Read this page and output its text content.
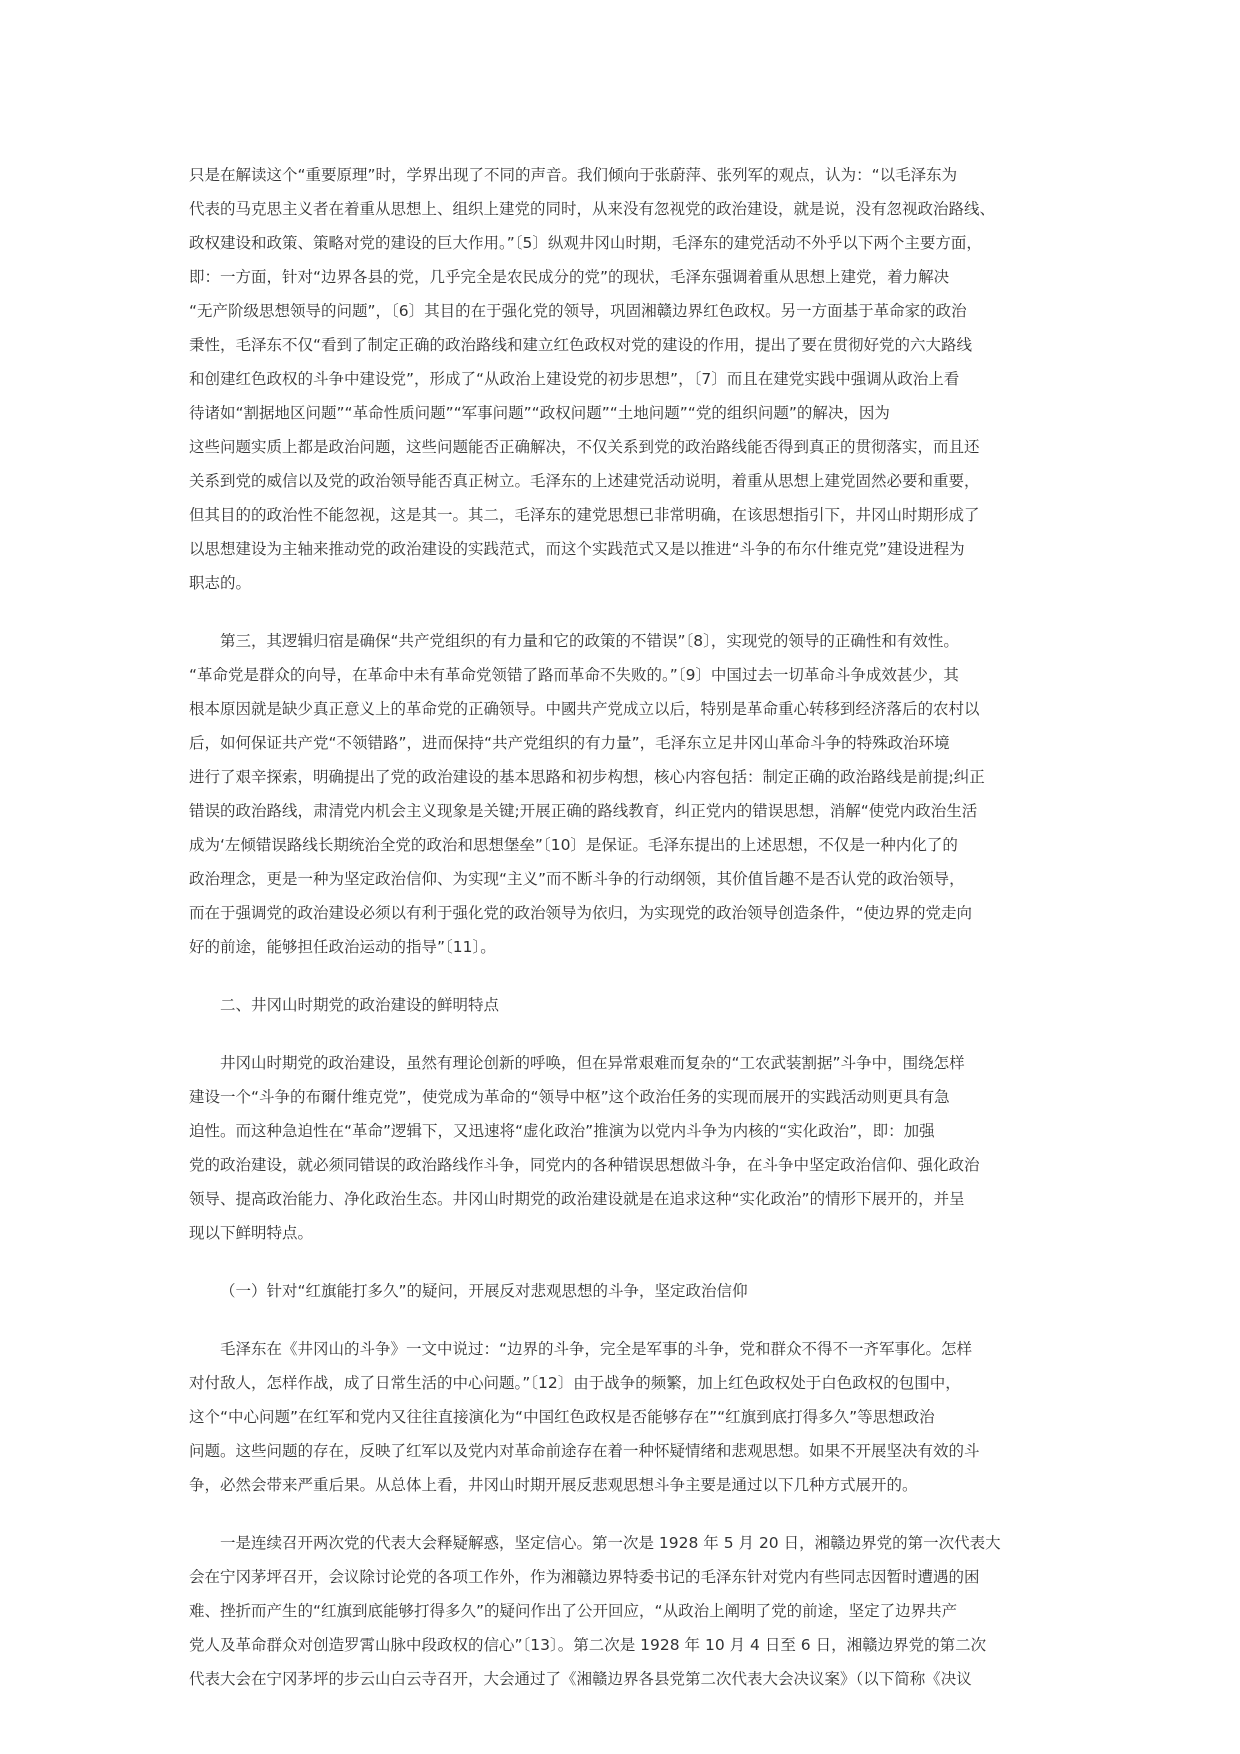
只是在解读这个“重要原理”时，学界出现了不同的声音。我们倾向于张蔚萍、张列军的观点，认为：“以毛泽东为
代表的马克思主义者在着重从思想上、组织上建党的同时，从来没有忽视党的政治建设，就是说，没有忽视政治路线、
政权建设和政策、策略对党的建设的巨大作用。”〔5〕纵观井冈山时期，毛泽东的建党活动不外乎以下两个主要方面，
即：一方面，针对“边界各县的党，几乎完全是农民成分的党”的现状，毛泽东强调着重从思想上建党，着力解决
“无产阶级思想领导的问题”，〔6〕其目的在于强化党的领导，巩固湘赣边界红色政权。另一方面基于革命家的政治
秉性，毛泽东不仅“看到了制定正确的政治路线和建立红色政权对党的建设的作用，提出了要在贯彻好党的六大路线
和创建红色政权的斗争中建设党”，形成了“从政治上建设党的初步思想”，〔7〕而且在建党实践中强调从政治上看
待诸如“割据地区问题”“革命性质问题”“军事问题”“政权问题”“土地问题”“党的组织问题”的解决，因为
这些问题实质上都是政治问题，这些问题能否正确解决，不仅关系到党的政治路线能否得到真正的贯彻落实，而且还
关系到党的威信以及党的政治领导能否真正树立。毛泽东的上述建党活动说明，着重从思想上建党固然必要和重要，
但其目的的政治性不能忽视，这是其一。其二，毛泽东的建党思想已非常明确，在该思想指引下，井冈山时期形成了
以思想建设为主轴来推动党的政治建设的实践范式，而这个实践范式又是以推进“斗争的布尔什维克党”建设进程为
职志的。

第三，其逻辑归宿是确保“共产党组织的有力量和它的政策的不错误”〔8〕，实现党的领导的正确性和有效性。
“革命党是群众的向导，在革命中未有革命党领错了路而革命不失败的。”〔9〕中国过去一切革命斗争成效甚少，其
根本原因就是缺少真正意义上的革命党的正确领导。中國共产党成立以后，特别是革命重心转移到经济落后的农村以
后，如何保证共产党“不领错路”，进而保持“共产党组织的有力量”，毛泽东立足井冈山革命斗争的特殊政治环境
进行了艰辛探索，明确提出了党的政治建设的基本思路和初步构想，核心内容包括：制定正确的政治路线是前提;纠正
错误的政治路线，肃清党内机会主义现象是关键;开展正确的路线教育，纠正党内的错误思想，消解“使党内政治生活
成为‘左倾错误路线长期统治全党的政治和思想堡垒”〔10〕是保证。毛泽东提出的上述思想，不仅是一种内化了的
政治理念，更是一种为坚定政治信仰、为实现“主义”而不断斗争的行动纲领，其价值旨趣不是否认党的政治领导，
而在于强调党的政治建设必须以有利于强化党的政治领导为依归，为实现党的政治领导创造条件，“使边界的党走向
好的前途，能够担任政治运动的指导”〔11〕。

二、井冈山时期党的政治建设的鲜明特点

井冈山时期党的政治建设，虽然有理论创新的呼唤，但在异常艰难而复杂的“工农武装割据”斗争中，围绕怎样
建设一个“斗争的布爾什维克党”，使党成为革命的“领导中枢”这个政治任务的实现而展开的实践活动则更具有急
迫性。而这种急迫性在“革命”逻辑下，又迅速将“虚化政治”推演为以党内斗争为内核的“实化政治”，即：加强
党的政治建设，就必须同错误的政治路线作斗争，同党内的各种错误思想做斗争，在斗争中坚定政治信仰、强化政治
领导、提高政治能力、净化政治生态。井冈山时期党的政治建设就是在追求这种“实化政治”的情形下展开的，并呈
现以下鲜明特点。

（一）针对“红旗能打多久”的疑问，开展反对悲观思想的斗争，坚定政治信仰

毛泽东在《井冈山的斗争》一文中说过：“边界的斗争，完全是军事的斗争，党和群众不得不一齐军事化。怎样
对付敌人，怎样作战，成了日常生活的中心问题。”〔12〕由于战争的频繁，加上红色政权处于白色政权的包围中，
这个“中心问题”在红军和党内又往往直接演化为“中国红色政权是否能够存在”“红旗到底打得多久”等思想政治
问题。这些问题的存在，反映了红军以及党内对革命前途存在着一种怀疑情绪和悲观思想。如果不开展坚决有效的斗
争，必然会带来严重后果。从总体上看，井冈山时期开展反悲观思想斗争主要是通过以下几种方式展开的。

一是连续召开两次党的代表大会释疑解惑，坚定信心。第一次是 1928 年 5 月 20 日，湘赣边界党的第一次代表大
会在宁冈茅坪召开，会议除讨论党的各项工作外，作为湘赣边界特委书记的毛泽东针对党内有些同志因暂时遭遇的困
难、挫折而产生的“红旗到底能够打得多久”的疑问作出了公开回应，“从政治上阐明了党的前途，坚定了边界共产
党人及革命群众对创造罗霄山脉中段政权的信心”〔13〕。第二次是 1928 年 10 月 4 日至 6 日，湘赣边界党的第二次
代表大会在宁冈茅坪的步云山白云寺召开，大会通过了《湘赣边界各县党第二次代表大会决议案》（以下简称《决议
